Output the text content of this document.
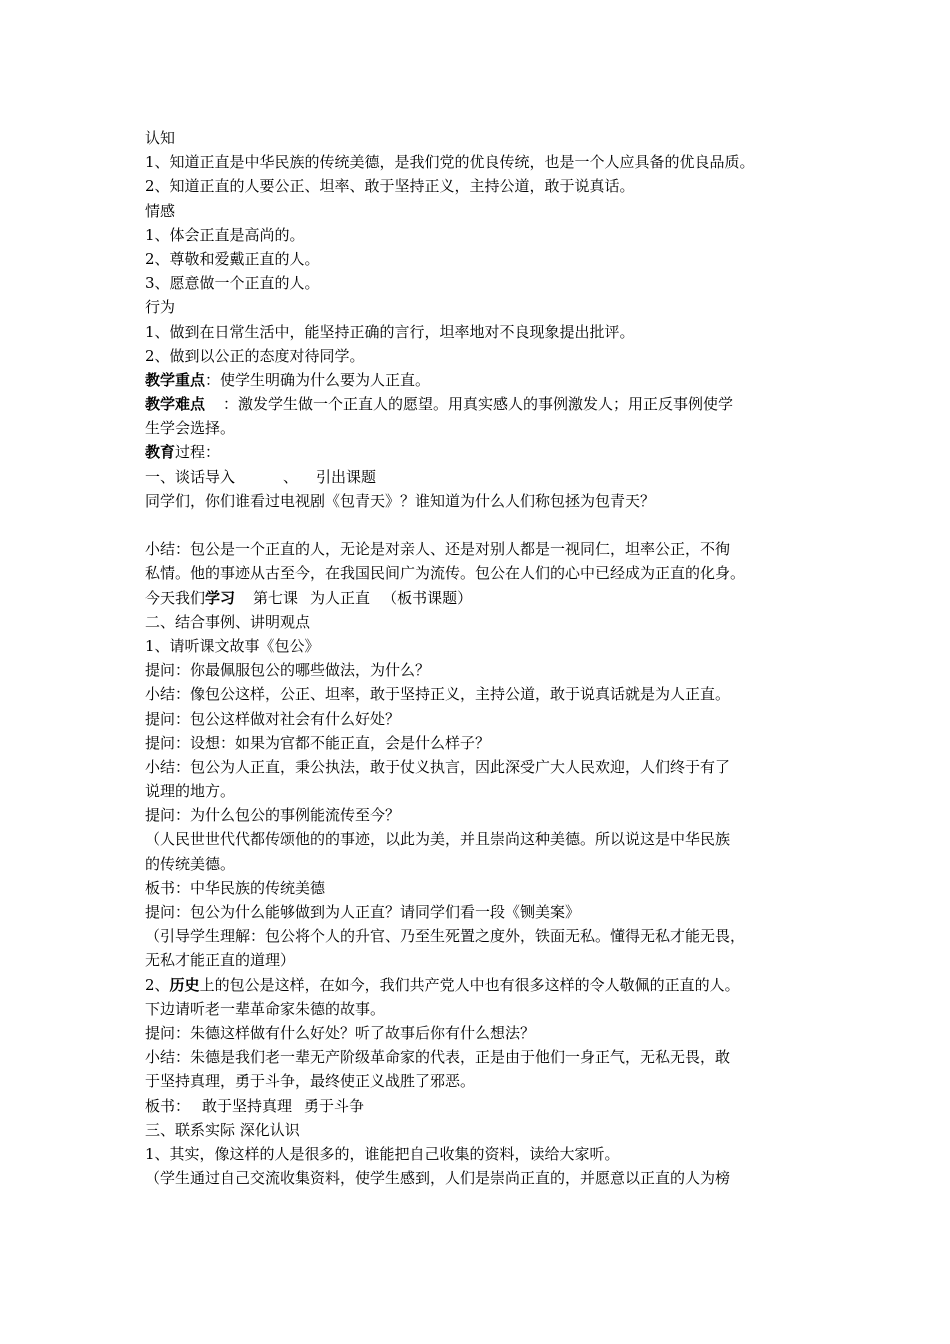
认知
1、知道正直是中华民族的传统美德，是我们党的优良传统，也是一个人应具备的优良品质。
2、知道正直的人要公正、坦率、敢于坚持正义，主持公道，敢于说真话。
情感
1、体会正直是高尚的。
2、尊敬和爱戴正直的人。
3、愿意做一个正直的人。
行为
1、做到在日常生活中，能坚持正确的言行，坦率地对不良现象提出批评。
2、做到以公正的态度对待同学。
教学重点：使学生明确为什么要为人正直。
教学难点 ：激发学生做一个正直人的愿望。用真实感人的事例激发人；用正反事例使学
生学会选择。
教育过程：
一、谈话导入	、 引出课题
同学们，你们谁看过电视剧《包青天》？谁知道为什么人们称包拯为包青天？
小结：包公是一个正直的人，无论是对亲人、还是对别人都是一视同仁，坦率公正，不徇
私情。他的事迹从古至今，在我国民间广为流传。包公在人们的心中已经成为正直的化身。
今天我们学习 第七课 为人正直 （板书课题）
二、结合事例、讲明观点
1、请听课文故事《包公》
提问：你最佩服包公的哪些做法，为什么？
小结：像包公这样，公正、坦率，敢于坚持正义，主持公道，敢于说真话就是为人正直。
提问：包公这样做对社会有什么好处？
提问：设想：如果为官都不能正直，会是什么样子？
小结：包公为人正直，秉公执法，敢于仗义执言，因此深受广大人民欢迎，人们终于有了
说理的地方。
提问：为什么包公的事例能流传至今？
（人民世世代代都传颂他的的事迹，以此为美，并且崇尚这种美德。所以说这是中华民族
的传统美德。
板书：中华民族的传统美德
提问：包公为什么能够做到为人正直？请同学们看一段《铡美案》
（引导学生理解：包公将个人的升官、乃至生死置之度外，铁面无私。懂得无私才能无畏，
无私才能正直的道理）
2、历史上的包公是这样，在如今，我们共产党人中也有很多这样的令人敬佩的正直的人。
下边请听老一辈革命家朱德的故事。
提问：朱德这样做有什么好处？听了故事后你有什么想法？
小结：朱德是我们老一辈无产阶级革命家的代表，正是由于他们一身正气，无私无畏，敢
于坚持真理，勇于斗争，最终使正义战胜了邪恶。
板书： 敢于坚持真理 勇于斗争
三、联系实际 深化认识
1、其实，像这样的人是很多的，谁能把自己收集的资料，读给大家听。
（学生通过自己交流收集资料，使学生感到，人们是崇尚正直的，并愿意以正直的人为榜
